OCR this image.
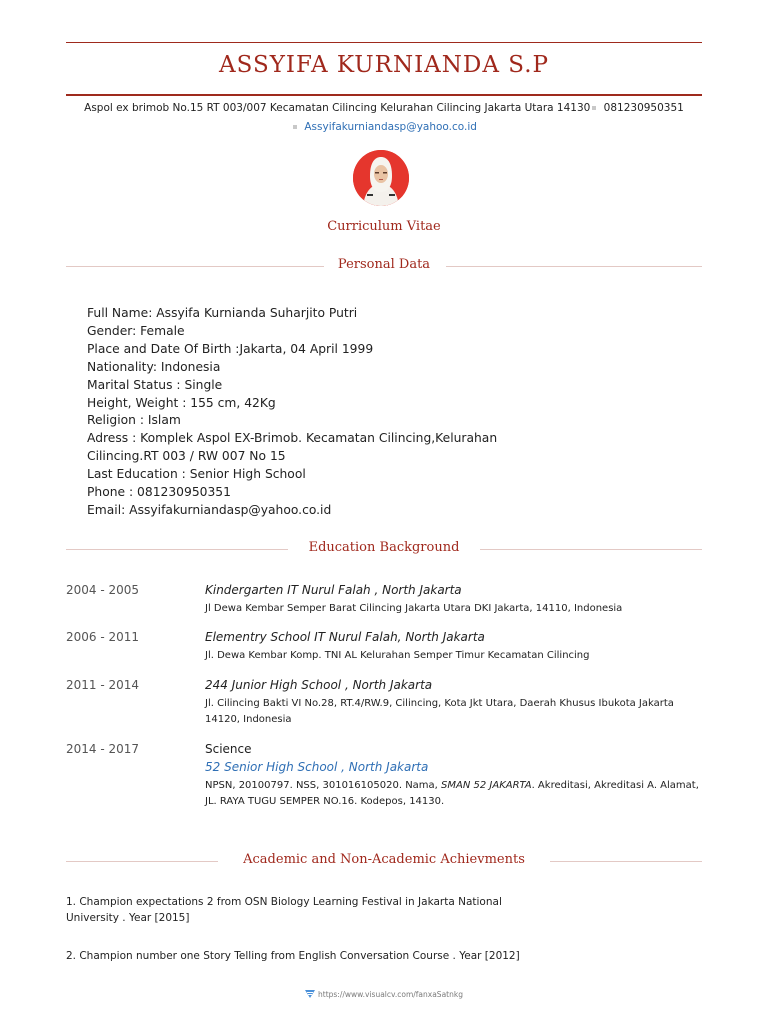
ASSYIFA KURNIANDA S.P
Aspol ex brimob No.15 RT 003/007 Kecamatan Cilincing Kelurahan Cilincing Jakarta Utara 14130 081230950351
Assyifakurniandasp@yahoo.co.id
Curriculum Vitae
Personal Data
Full Name: Assyifa Kurnianda Suharjito Putri
Gender: Female
Place and Date Of Birth :Jakarta, 04 April 1999
Nationality: Indonesia
Marital Status : Single
Height, Weight : 155 cm, 42Kg
Religion : Islam
Adress : Komplek Aspol EX-Brimob. Kecamatan Cilincing,Kelurahan
Cilincing.RT 003 / RW 007 No 15
Last Education : Senior High School
Phone : 081230950351
Email: Assyifakurniandasp@yahoo.co.id
Education Background
2004 - 2005	Kindergarten IT Nurul Falah , North Jakarta
Jl Dewa Kembar Semper Barat Cilincing Jakarta Utara DKI Jakarta, 14110, Indonesia
2006 - 2011	Elementry School IT Nurul Falah, North Jakarta
Jl. Dewa Kembar Komp. TNI AL Kelurahan Semper Timur Kecamatan Cilincing
2011 - 2014	244 Junior High School , North Jakarta
Jl. Cilincing Bakti VI No.28, RT.4/RW.9, Cilincing, Kota Jkt Utara, Daerah Khusus Ibukota Jakarta 14120, Indonesia
2014 - 2017	Science
52 Senior High School , North Jakarta
NPSN, 20100797. NSS, 301016105020. Nama, SMAN 52 JAKARTA. Akreditasi, Akreditasi A. Alamat, JL. RAYA TUGU SEMPER NO.16. Kodepos, 14130.
Academic and Non-Academic Achievments
1. Champion expectations 2 from OSN Biology Learning Festival in Jakarta National University . Year [2015]
2. Champion number one Story Telling from English Conversation Course . Year [2012]
https://www.visualcv.com/fanxaSatnkg
